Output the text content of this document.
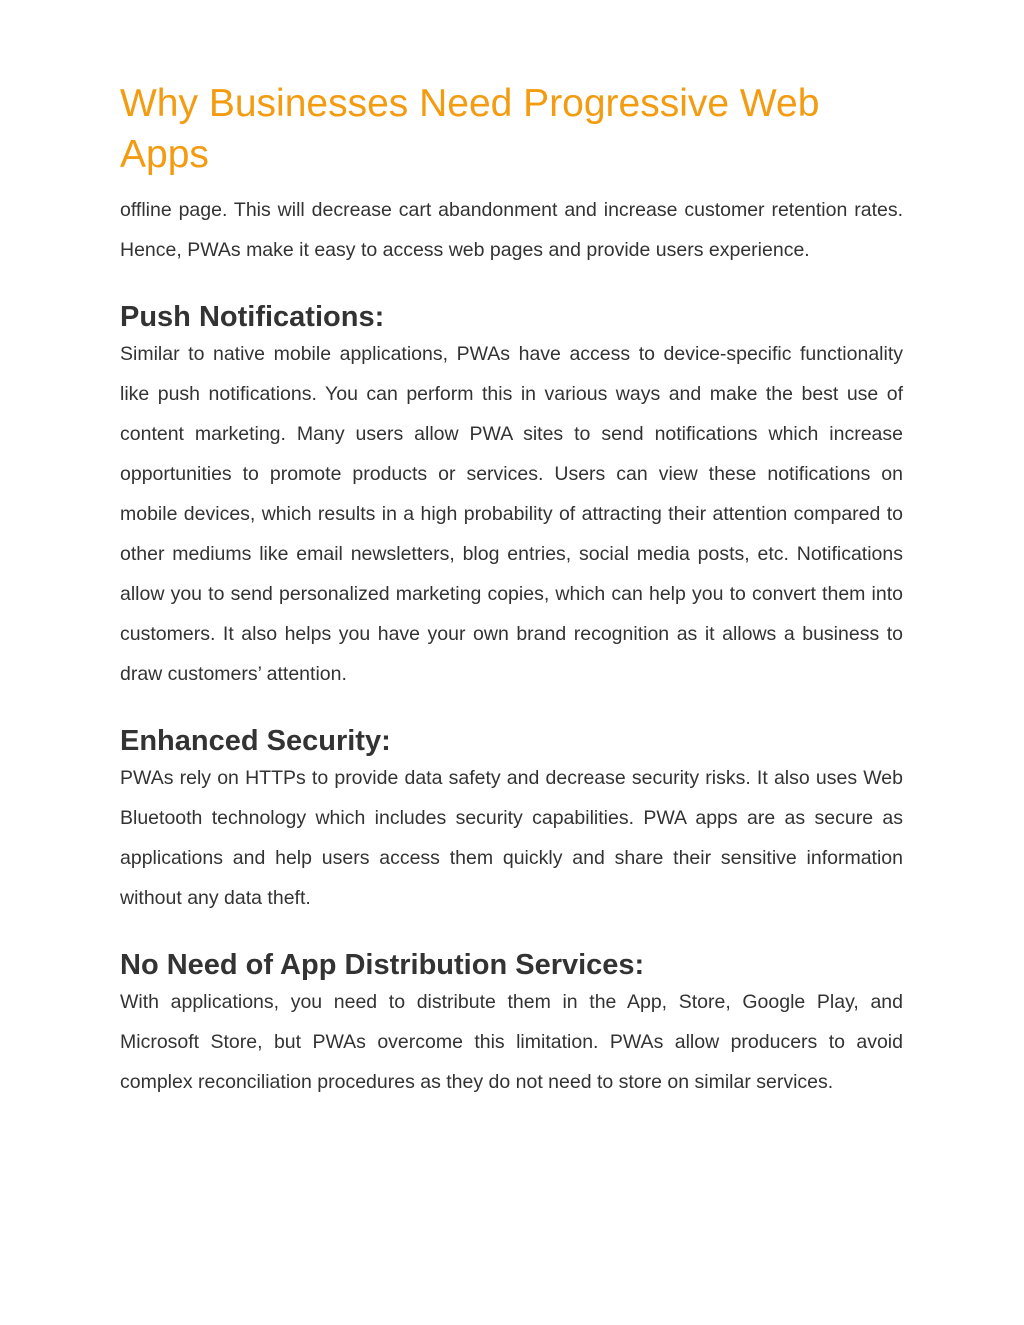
Why Businesses Need Progressive Web Apps

offline page. This will decrease cart abandonment and increase customer retention rates. Hence, PWAs make it easy to access web pages and provide users experience.

Push Notifications:

Similar to native mobile applications, PWAs have access to device-specific functionality like push notifications. You can perform this in various ways and make the best use of content marketing. Many users allow PWA sites to send notifications which increase opportunities to promote products or services. Users can view these notifications on mobile devices, which results in a high probability of attracting their attention compared to other mediums like email newsletters, blog entries, social media posts, etc. Notifications allow you to send personalized marketing copies, which can help you to convert them into customers. It also helps you have your own brand recognition as it allows a business to draw customers’ attention.

Enhanced Security:

PWAs rely on HTTPs to provide data safety and decrease security risks. It also uses Web Bluetooth technology which includes security capabilities. PWA apps are as secure as applications and help users access them quickly and share their sensitive information without any data theft.

No Need of App Distribution Services:

With applications, you need to distribute them in the App, Store, Google Play, and Microsoft Store, but PWAs overcome this limitation. PWAs allow producers to avoid complex reconciliation procedures as they do not need to store on similar services.
